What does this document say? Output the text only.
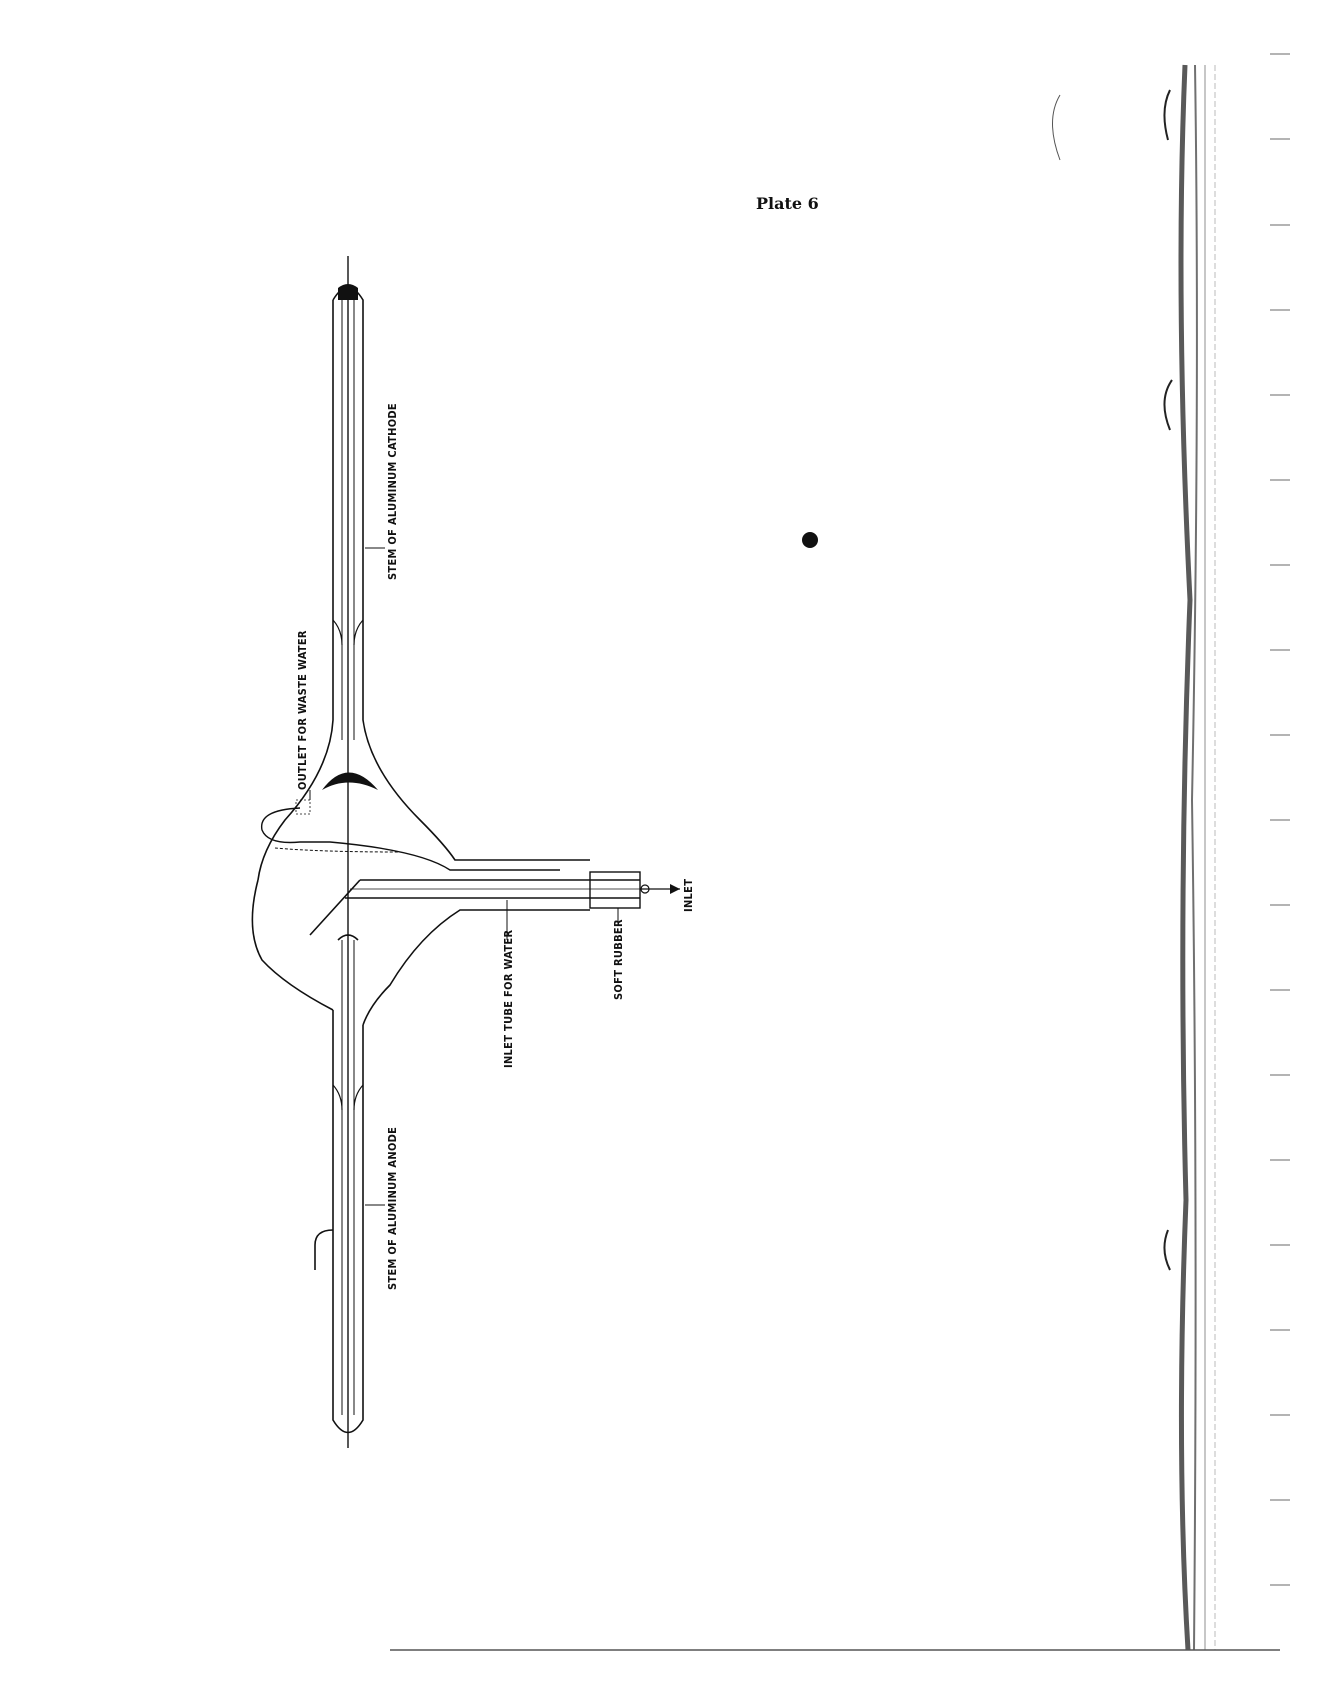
Plate 6
STEM OF ALUMINUM CATHODE
OUTLET FOR WASTE WATER
STEM OF ALUMINUM ANODE
INLET TUBE FOR WATER	SOFT RUBBER
INLET
